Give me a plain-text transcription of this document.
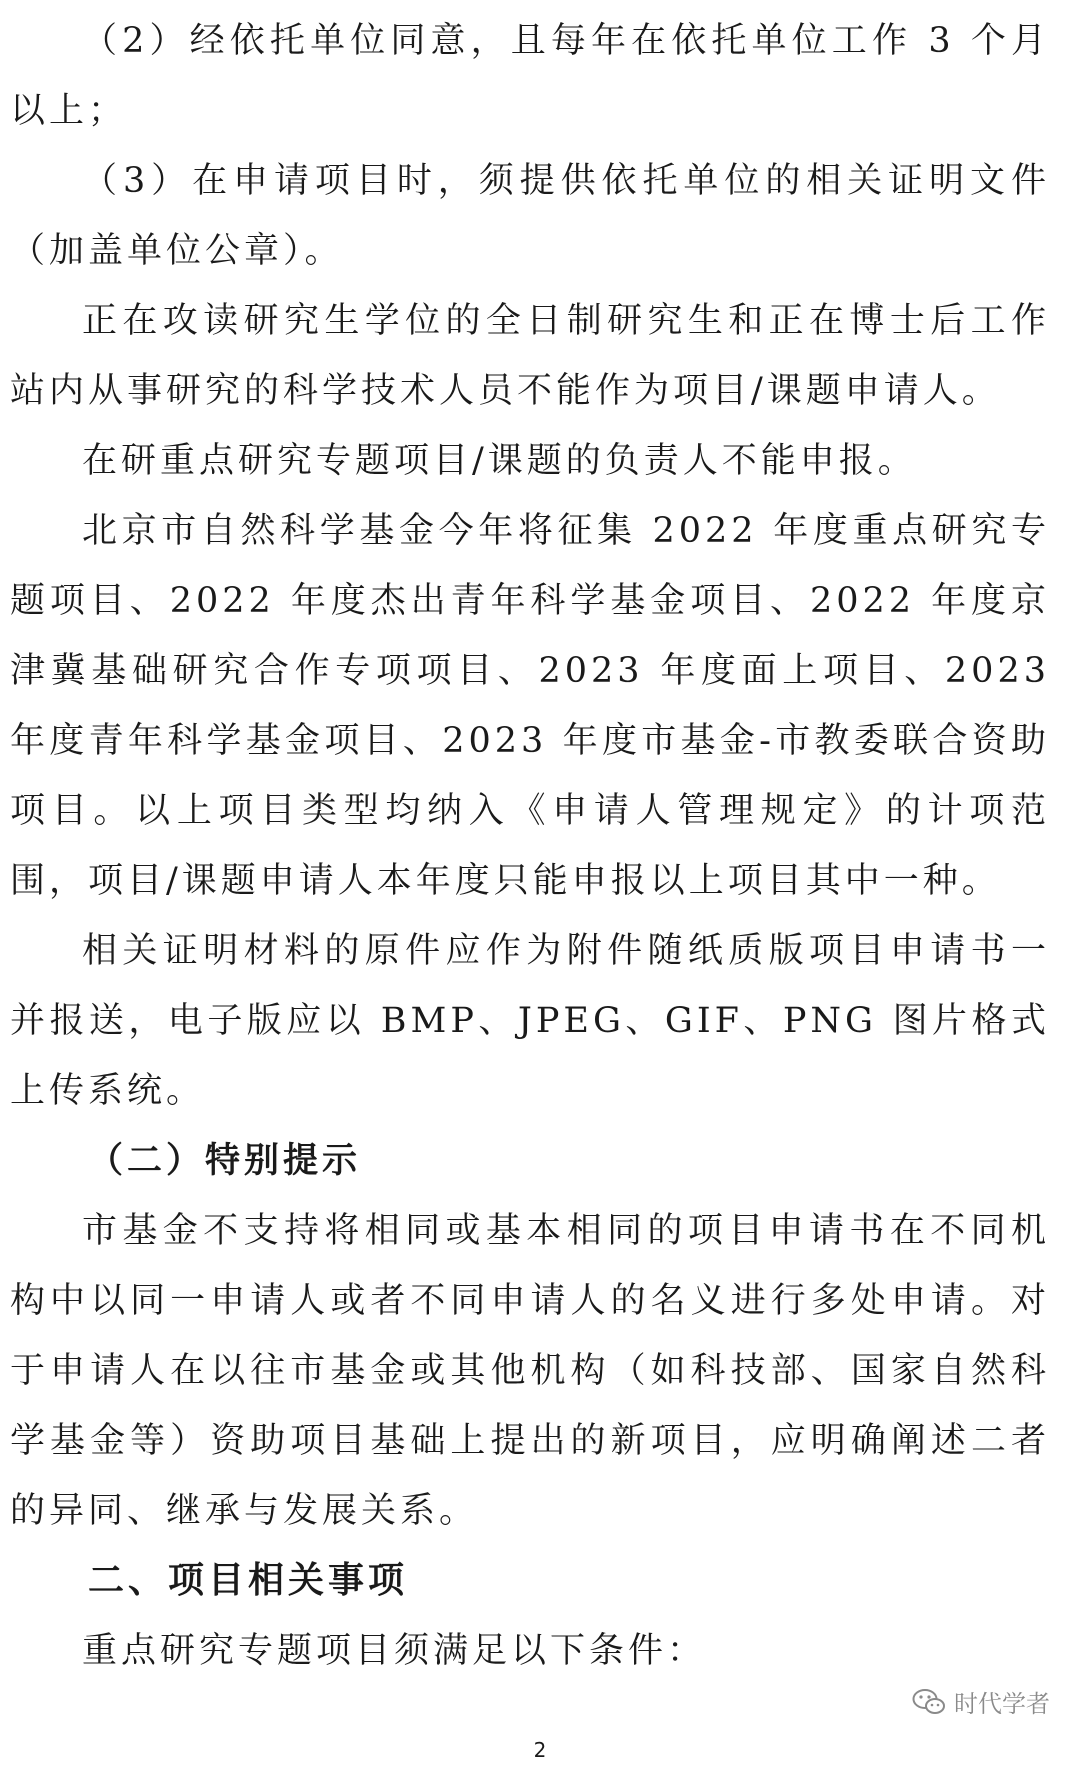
（2）经依托单位同意，且每年在依托单位工作 3 个月以上；

（3）在申请项目时，须提供依托单位的相关证明文件（加盖单位公章）。

正在攻读研究生学位的全日制研究生和正在博士后工作站内从事研究的科学技术人员不能作为项目/课题申请人。

在研重点研究专题项目/课题的负责人不能申报。

北京市自然科学基金今年将征集 2022 年度重点研究专题项目、2022 年度杰出青年科学基金项目、2022 年度京津冀基础研究合作专项项目、2023 年度面上项目、2023 年度青年科学基金项目、2023 年度市基金-市教委联合资助项目。以上项目类型均纳入《申请人管理规定》的计项范围，项目/课题申请人本年度只能申报以上项目其中一种。

相关证明材料的原件应作为附件随纸质版项目申请书一并报送，电子版应以 BMP、JPEG、GIF、PNG 图片格式上传系统。

（二）特别提示

市基金不支持将相同或基本相同的项目申请书在不同机构中以同一申请人或者不同申请人的名义进行多处申请。对于申请人在以往市基金或其他机构（如科技部、国家自然科学基金等）资助项目基础上提出的新项目，应明确阐述二者的异同、继承与发展关系。

二、项目相关事项

重点研究专题项目须满足以下条件：

时代学者
2
